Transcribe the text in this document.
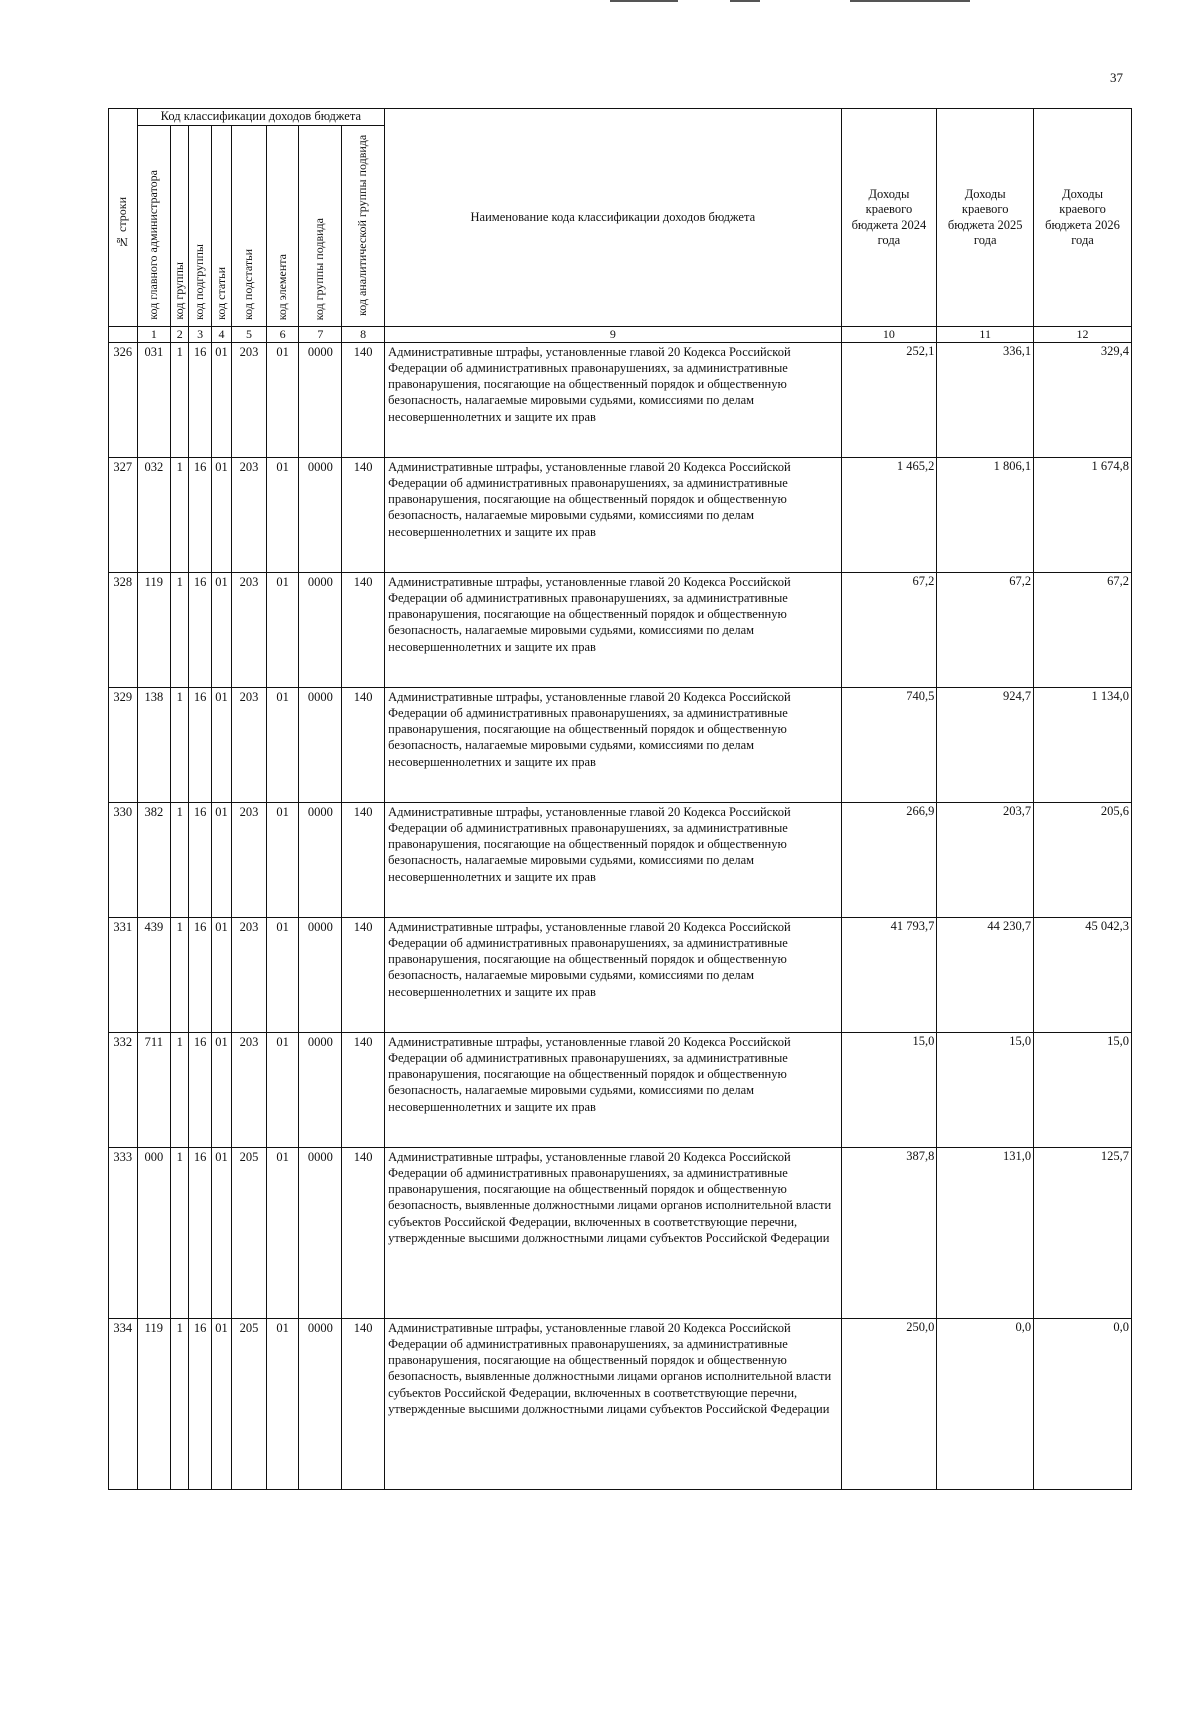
37
№ строки	Код классификации доходов бюджета								Наименование кода классификации доходов бюджета	Доходы краевого бюджета 2024 года	Доходы краевого бюджета 2025 года	Доходы краевого бюджета 2026 года

	код главного администратора	код группы	код подгруппы	код статьи	код подстатьи	код элемента	код группы подвида	код аналитической группы подвида				

	1	2	3	4	5	6	7	8	9	10	11	12
326	031	1	16	01	203	01	0000	140	Административные штрафы, установленные главой 20 Кодекса Российской Федерации об административных правонарушениях, за административные правонарушения, посягающие на общественный порядок и общественную безопасность, налагаемые мировыми судьями, комиссиями по делам несовершеннолетних и защите их прав	252,1	336,1	329,4
327	032	1	16	01	203	01	0000	140	Административные штрафы, установленные главой 20 Кодекса Российской Федерации об административных правонарушениях, за административные правонарушения, посягающие на общественный порядок и общественную безопасность, налагаемые мировыми судьями, комиссиями по делам несовершеннолетних и защите их прав	1 465,2	1 806,1	1 674,8
328	119	1	16	01	203	01	0000	140	Административные штрафы, установленные главой 20 Кодекса Российской Федерации об административных правонарушениях, за административные правонарушения, посягающие на общественный порядок и общественную безопасность, налагаемые мировыми судьями, комиссиями по делам несовершеннолетних и защите их прав	67,2	67,2	67,2
329	138	1	16	01	203	01	0000	140	Административные штрафы, установленные главой 20 Кодекса Российской Федерации об административных правонарушениях, за административные правонарушения, посягающие на общественный порядок и общественную безопасность, налагаемые мировыми судьями, комиссиями по делам несовершеннолетних и защите их прав	740,5	924,7	1 134,0
330	382	1	16	01	203	01	0000	140	Административные штрафы, установленные главой 20 Кодекса Российской Федерации об административных правонарушениях, за административные правонарушения, посягающие на общественный порядок и общественную безопасность, налагаемые мировыми судьями, комиссиями по делам несовершеннолетних и защите их прав	266,9	203,7	205,6
331	439	1	16	01	203	01	0000	140	Административные штрафы, установленные главой 20 Кодекса Российской Федерации об административных правонарушениях, за административные правонарушения, посягающие на общественный порядок и общественную безопасность, налагаемые мировыми судьями, комиссиями по делам несовершеннолетних и защите их прав	41 793,7	44 230,7	45 042,3
332	711	1	16	01	203	01	0000	140	Административные штрафы, установленные главой 20 Кодекса Российской Федерации об административных правонарушениях, за административные правонарушения, посягающие на общественный порядок и общественную безопасность, налагаемые мировыми судьями, комиссиями по делам несовершеннолетних и защите их прав	15,0	15,0	15,0
333	000	1	16	01	205	01	0000	140	Административные штрафы, установленные главой 20 Кодекса Российской Федерации об административных правонарушениях, за административные правонарушения, посягающие на общественный порядок и общественную безопасность, выявленные должностными лицами органов исполнительной власти субъектов Российской Федерации, включенных в соответствующие перечни, утвержденные высшими должностными лицами субъектов Российской Федерации	387,8	131,0	125,7
334	119	1	16	01	205	01	0000	140	Административные штрафы, установленные главой 20 Кодекса Российской Федерации об административных правонарушениях, за административные правонарушения, посягающие на общественный порядок и общественную безопасность, выявленные должностными лицами органов исполнительной власти субъектов Российской Федерации, включенных в соответствующие перечни, утвержденные высшими должностными лицами субъектов Российской Федерации	250,0	0,0	0,0
